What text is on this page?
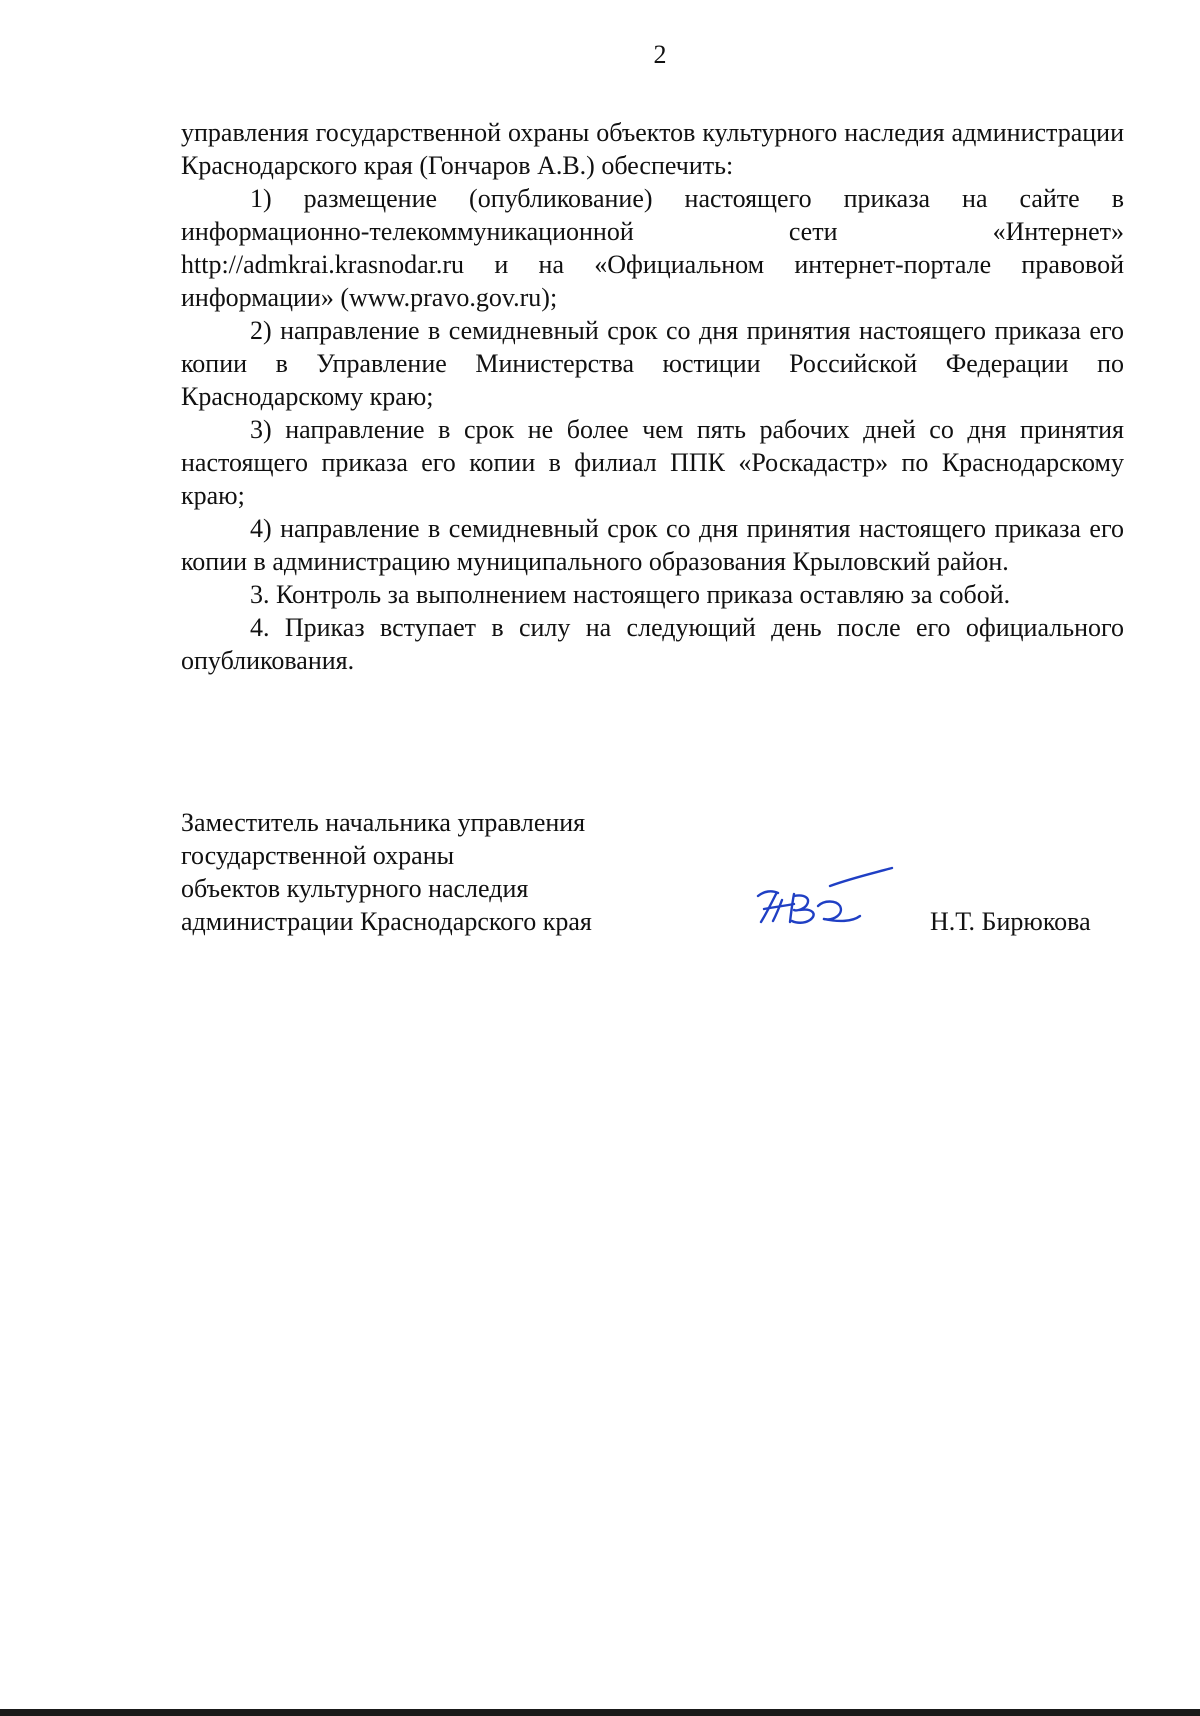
2

управления государственной охраны объектов культурного наследия администрации Краснодарского края (Гончаров А.В.) обеспечить:

1) размещение (опубликование) настоящего приказа на сайте в

информационно-телекоммуникационной сети «Интернет»

http://admkrai.krasnodar.ru и на «Официальном интернет-портале правовой информации» (www.pravo.gov.ru);

2) направление в семидневный срок со дня принятия настоящего приказа его копии в Управление Министерства юстиции Российской Федерации по Краснодарскому краю;

3) направление в срок не более чем пять рабочих дней со дня принятия настоящего приказа его копии в филиал ППК «Роскадастр» по Краснодарскому краю;

4) направление в семидневный срок со дня принятия настоящего приказа его копии в администрацию муниципального образования Крыловский район.

3. Контроль за выполнением настоящего приказа оставляю за собой.

4. Приказ вступает в силу на следующий день после его официального опубликования.

Заместитель начальника управления
государственной охраны
объектов культурного наследия
администрации Краснодарского края	Н.Т. Бирюкова
